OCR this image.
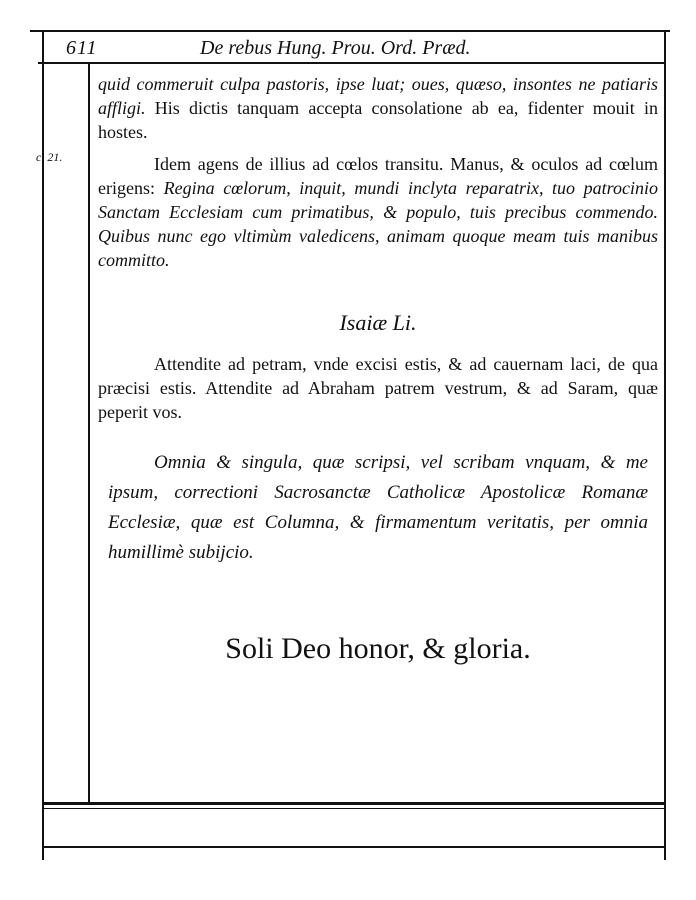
611	De rebus Hung. Prou. Ord. Præd.
c. 21.

quid commeruit culpa pastoris, ipse luat; oues, quæso, insontes ne patiaris affligi. His dictis tanquam accepta consolatione ab ea, fidenter mouit in hostes.

Idem agens de illius ad cœlos transitu. Manus, & oculos ad cœlum erigens: Regina cœlorum, inquit, mundi inclyta reparatrix, tuo patrocinio Sanctam Ecclesiam cum primatibus, & populo, tuis precibus commendo. Quibus nunc ego vltimùm valedicens, animam quoque meam tuis manibus committo.

Isaiæ Li.

Attendite ad petram, vnde excisi estis, & ad cauernam laci, de qua præcisi estis. Attendite ad Abraham patrem vestrum, & ad Saram, quæ peperit vos.

Omnia & singula, quæ scripsi, vel scribam vnquam, & me ipsum, correctioni Sacrosanctæ Catholicæ Apostolicæ Romanæ Ecclesiæ, quæ est Columna, & firmamentum veritatis, per omnia humillimè subijcio.

Soli Deo honor, & gloria.
